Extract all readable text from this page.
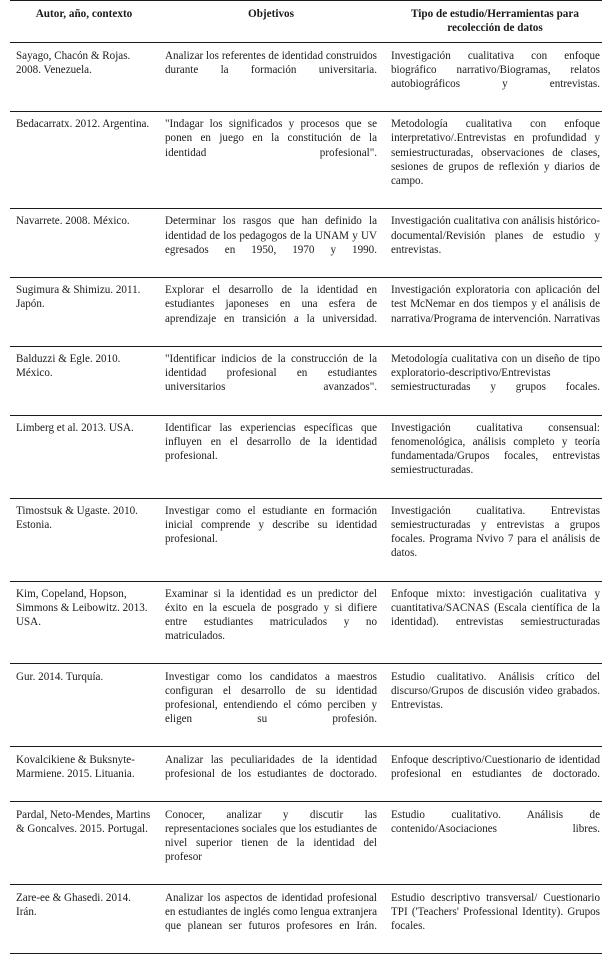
Autor, año, contexto	Objetivos	Tipo de estudio/Herramientas para recolección de datos
Sayago, Chacón & Rojas. 2008. Venezuela.	Analizar los referentes de identidad construidos durante la formación universitaria.	Investigación cualitativa con enfoque biográfico narrativo/Biogramas, relatos autobiográficos y entrevistas.
Bedacarratx. 2012. Argentina.	"Indagar los significados y procesos que se ponen en juego en la constitución de la identidad profesional".	Metodología cualitativa con enfoque interpretativo/.Entrevistas en profundidad y semiestructuradas, observaciones de clases, sesiones de grupos de reflexión y diarios de campo.
Navarrete. 2008. México.	Determinar los rasgos que han definido la identidad de los pedagogos de la UNAM y UV egresados en 1950, 1970 y 1990.	Investigación cualitativa con análisis histórico-documental/Revisión planes de estudio y entrevistas.
Sugimura & Shimizu. 2011. Japón.	Explorar el desarrollo de la identidad en estudiantes japoneses en una esfera de aprendizaje en transición a la universidad.	Investigación exploratoria con aplicación del test McNemar en dos tiempos y el análisis de narrativa/Programa de intervención. Narrativas
Balduzzi & Egle. 2010. México.	"Identificar indicios de la construcción de la identidad profesional en estudiantes universitarios avanzados".	Metodología cualitativa con un diseño de tipo exploratorio-descriptivo/Entrevistas semiestructuradas y grupos focales.
Limberg et al. 2013. USA.	Identificar las experiencias específicas que influyen en el desarrollo de la identidad profesional.	Investigación cualitativa consensual: fenomenológica, análisis completo y teoría fundamentada/Grupos focales, entrevistas semiestructuradas.
Timostsuk & Ugaste. 2010. Estonia.	Investigar como el estudiante en formación inicial comprende y describe su identidad profesional.	Investigación cualitativa. Entrevistas semiestructuradas y entrevistas a grupos focales. Programa Nvivo 7 para el análisis de datos.
Kim, Copeland, Hopson, Simmons & Leibowitz. 2013. USA.	Examinar si la identidad es un predictor del éxito en la escuela de posgrado y si difiere entre estudiantes matriculados y no matriculados.	Enfoque mixto: investigación cualitativa y cuantitativa/SACNAS (Escala científica de la identidad). entrevistas semiestructuradas
Gur. 2014. Turquía.	Investigar como los candidatos a maestros configuran el desarrollo de su identidad profesional, entendiendo el cómo perciben y eligen su profesión.	Estudio cualitativo. Análisis crítico del discurso/Grupos de discusión video grabados. Entrevistas.
Kovalcikiene & Buksnyte-Marmiene. 2015. Lituania.	Analizar las peculiaridades de la identidad profesional de los estudiantes de doctorado.	Enfoque descriptivo/Cuestionario de identidad profesional en estudiantes de doctorado.
Pardal, Neto-Mendes, Martins & Goncalves. 2015. Portugal.	Conocer, analizar y discutir las representaciones sociales que los estudiantes de nivel superior tienen de la identidad del profesor	Estudio cualitativo. Análisis de contenido/Asociaciones libres.
Zare-ee & Ghasedi. 2014. Irán.	Analizar los aspectos de identidad profesional en estudiantes de inglés como lengua extranjera que planean ser futuros profesores en Irán.	Estudio descriptivo transversal/ Cuestionario TPI ('Teachers' Professional Identity). Grupos focales.
